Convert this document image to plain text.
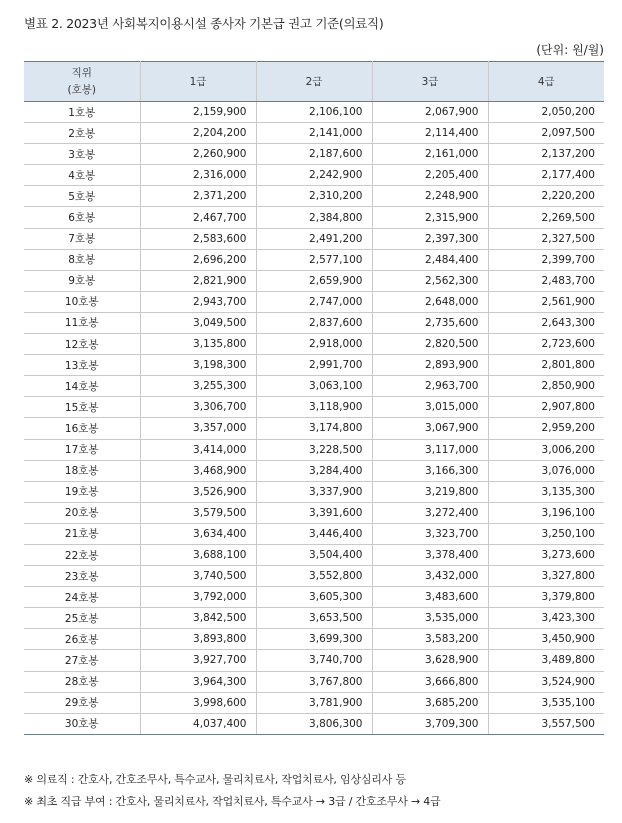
별표 2. 2023년 사회복지이용시설 종사자 기본급 권고 기준(의료직)
(단위: 원/월)
직위
(호봉)	1급	2급	3급	4급
1호봉	2,159,900	2,106,100	2,067,900	2,050,200
2호봉	2,204,200	2,141,000	2,114,400	2,097,500
3호봉	2,260,900	2,187,600	2,161,000	2,137,200
4호봉	2,316,000	2,242,900	2,205,400	2,177,400
5호봉	2,371,200	2,310,200	2,248,900	2,220,200
6호봉	2,467,700	2,384,800	2,315,900	2,269,500
7호봉	2,583,600	2,491,200	2,397,300	2,327,500
8호봉	2,696,200	2,577,100	2,484,400	2,399,700
9호봉	2,821,900	2,659,900	2,562,300	2,483,700
10호봉	2,943,700	2,747,000	2,648,000	2,561,900
11호봉	3,049,500	2,837,600	2,735,600	2,643,300
12호봉	3,135,800	2,918,000	2,820,500	2,723,600
13호봉	3,198,300	2,991,700	2,893,900	2,801,800
14호봉	3,255,300	3,063,100	2,963,700	2,850,900
15호봉	3,306,700	3,118,900	3,015,000	2,907,800
16호봉	3,357,000	3,174,800	3,067,900	2,959,200
17호봉	3,414,000	3,228,500	3,117,000	3,006,200
18호봉	3,468,900	3,284,400	3,166,300	3,076,000
19호봉	3,526,900	3,337,900	3,219,800	3,135,300
20호봉	3,579,500	3,391,600	3,272,400	3,196,100
21호봉	3,634,400	3,446,400	3,323,700	3,250,100
22호봉	3,688,100	3,504,400	3,378,400	3,273,600
23호봉	3,740,500	3,552,800	3,432,000	3,327,800
24호봉	3,792,000	3,605,300	3,483,600	3,379,800
25호봉	3,842,500	3,653,500	3,535,000	3,423,300
26호봉	3,893,800	3,699,300	3,583,200	3,450,900
27호봉	3,927,700	3,740,700	3,628,900	3,489,800
28호봉	3,964,300	3,767,800	3,666,800	3,524,900
29호봉	3,998,600	3,781,900	3,685,200	3,535,100
30호봉	4,037,400	3,806,300	3,709,300	3,557,500
※ 의료직 : 간호사, 간호조무사, 특수교사, 물리치료사, 작업치료사, 임상심리사 등
※ 최초 직급 부여 : 간호사, 물리치료사, 작업치료사, 특수교사 → 3급 / 간호조무사 → 4급
